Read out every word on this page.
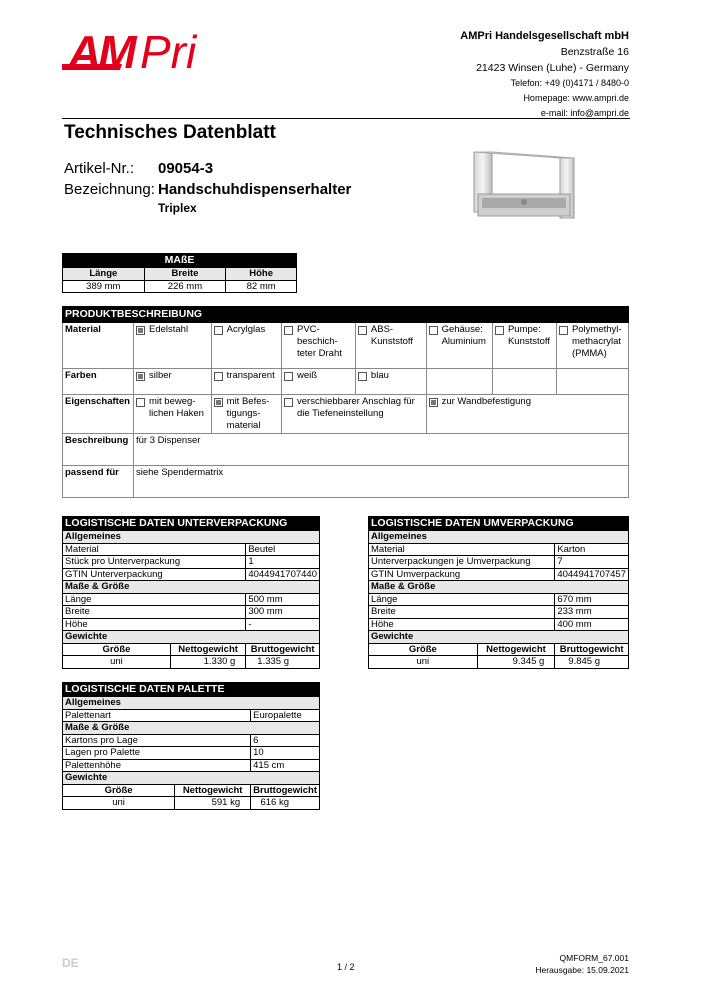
AM Pri	AMPri Handelsgesellschaft mbH
Benzstraße 16
21423 Winsen (Luhe) - Germany
Telefon: +49 (0)4171 / 8480-0
Homepage: www.ampri.de
e-mail: info@ampri.de
Technisches Datenblatt
Artikel-Nr.: 09054-3
Bezeichnung: Handschuhdispenserhalter
Triplex
MAßE		
Länge	Breite	Höhe
389 mm	226 mm	82 mm
PRODUKTBESCHREIBUNG							
Material	Edelstahl	Acrylglas	PVC-
beschich-
teter Draht	ABS-
Kunststoff	Gehäuse:
Aluminium	Pumpe:
Kunststoff	Polymethyl-
methacrylat
(PMMA)

Farben	silber	transparent	weiß	blau			

Eigenschaften	mit beweg-
lichen Haken	mit Befes-
tigungs-
material	verschiebbarer Anschlag für
die Tiefeneinstellung		zur Wandbefestigung		

Beschreibung	für 3 Dispenser						
passend für	siehe Spendermatrix						
LOGISTISCHE DATEN UNTERVERPACKUNG		
Allgemeines		
Material		Beutel
Stück pro Unterverpackung		1
GTIN Unterverpackung		4044941707440
Maße & Größe		
Länge		500 mm
Breite		300 mm
Höhe		-
Gewichte		
Größe	Nettogewicht	Bruttogewicht
uni	1.330 g	1.335 g
LOGISTISCHE DATEN UMVERPACKUNG		
Allgemeines		
Material		Karton
Unterverpackungen je Umverpackung		7
GTIN Umverpackung		4044941707457
Maße & Größe		
Länge		670 mm
Breite		233 mm
Höhe		400 mm
Gewichte		
Größe	Nettogewicht	Bruttogewicht
uni	9.345 g	9.845 g
LOGISTISCHE DATEN PALETTE		
Allgemeines		
Palettenart		Europalette
Maße & Größe		
Kartons pro Lage		6
Lagen pro Palette		10
Palettenhöhe		415 cm
Gewichte		
Größe	Nettogewicht	Bruttogewicht
uni	591 kg	616 kg
DE	1 / 2
QMFORM_67.001
Herausgabe: 15.09.2021
